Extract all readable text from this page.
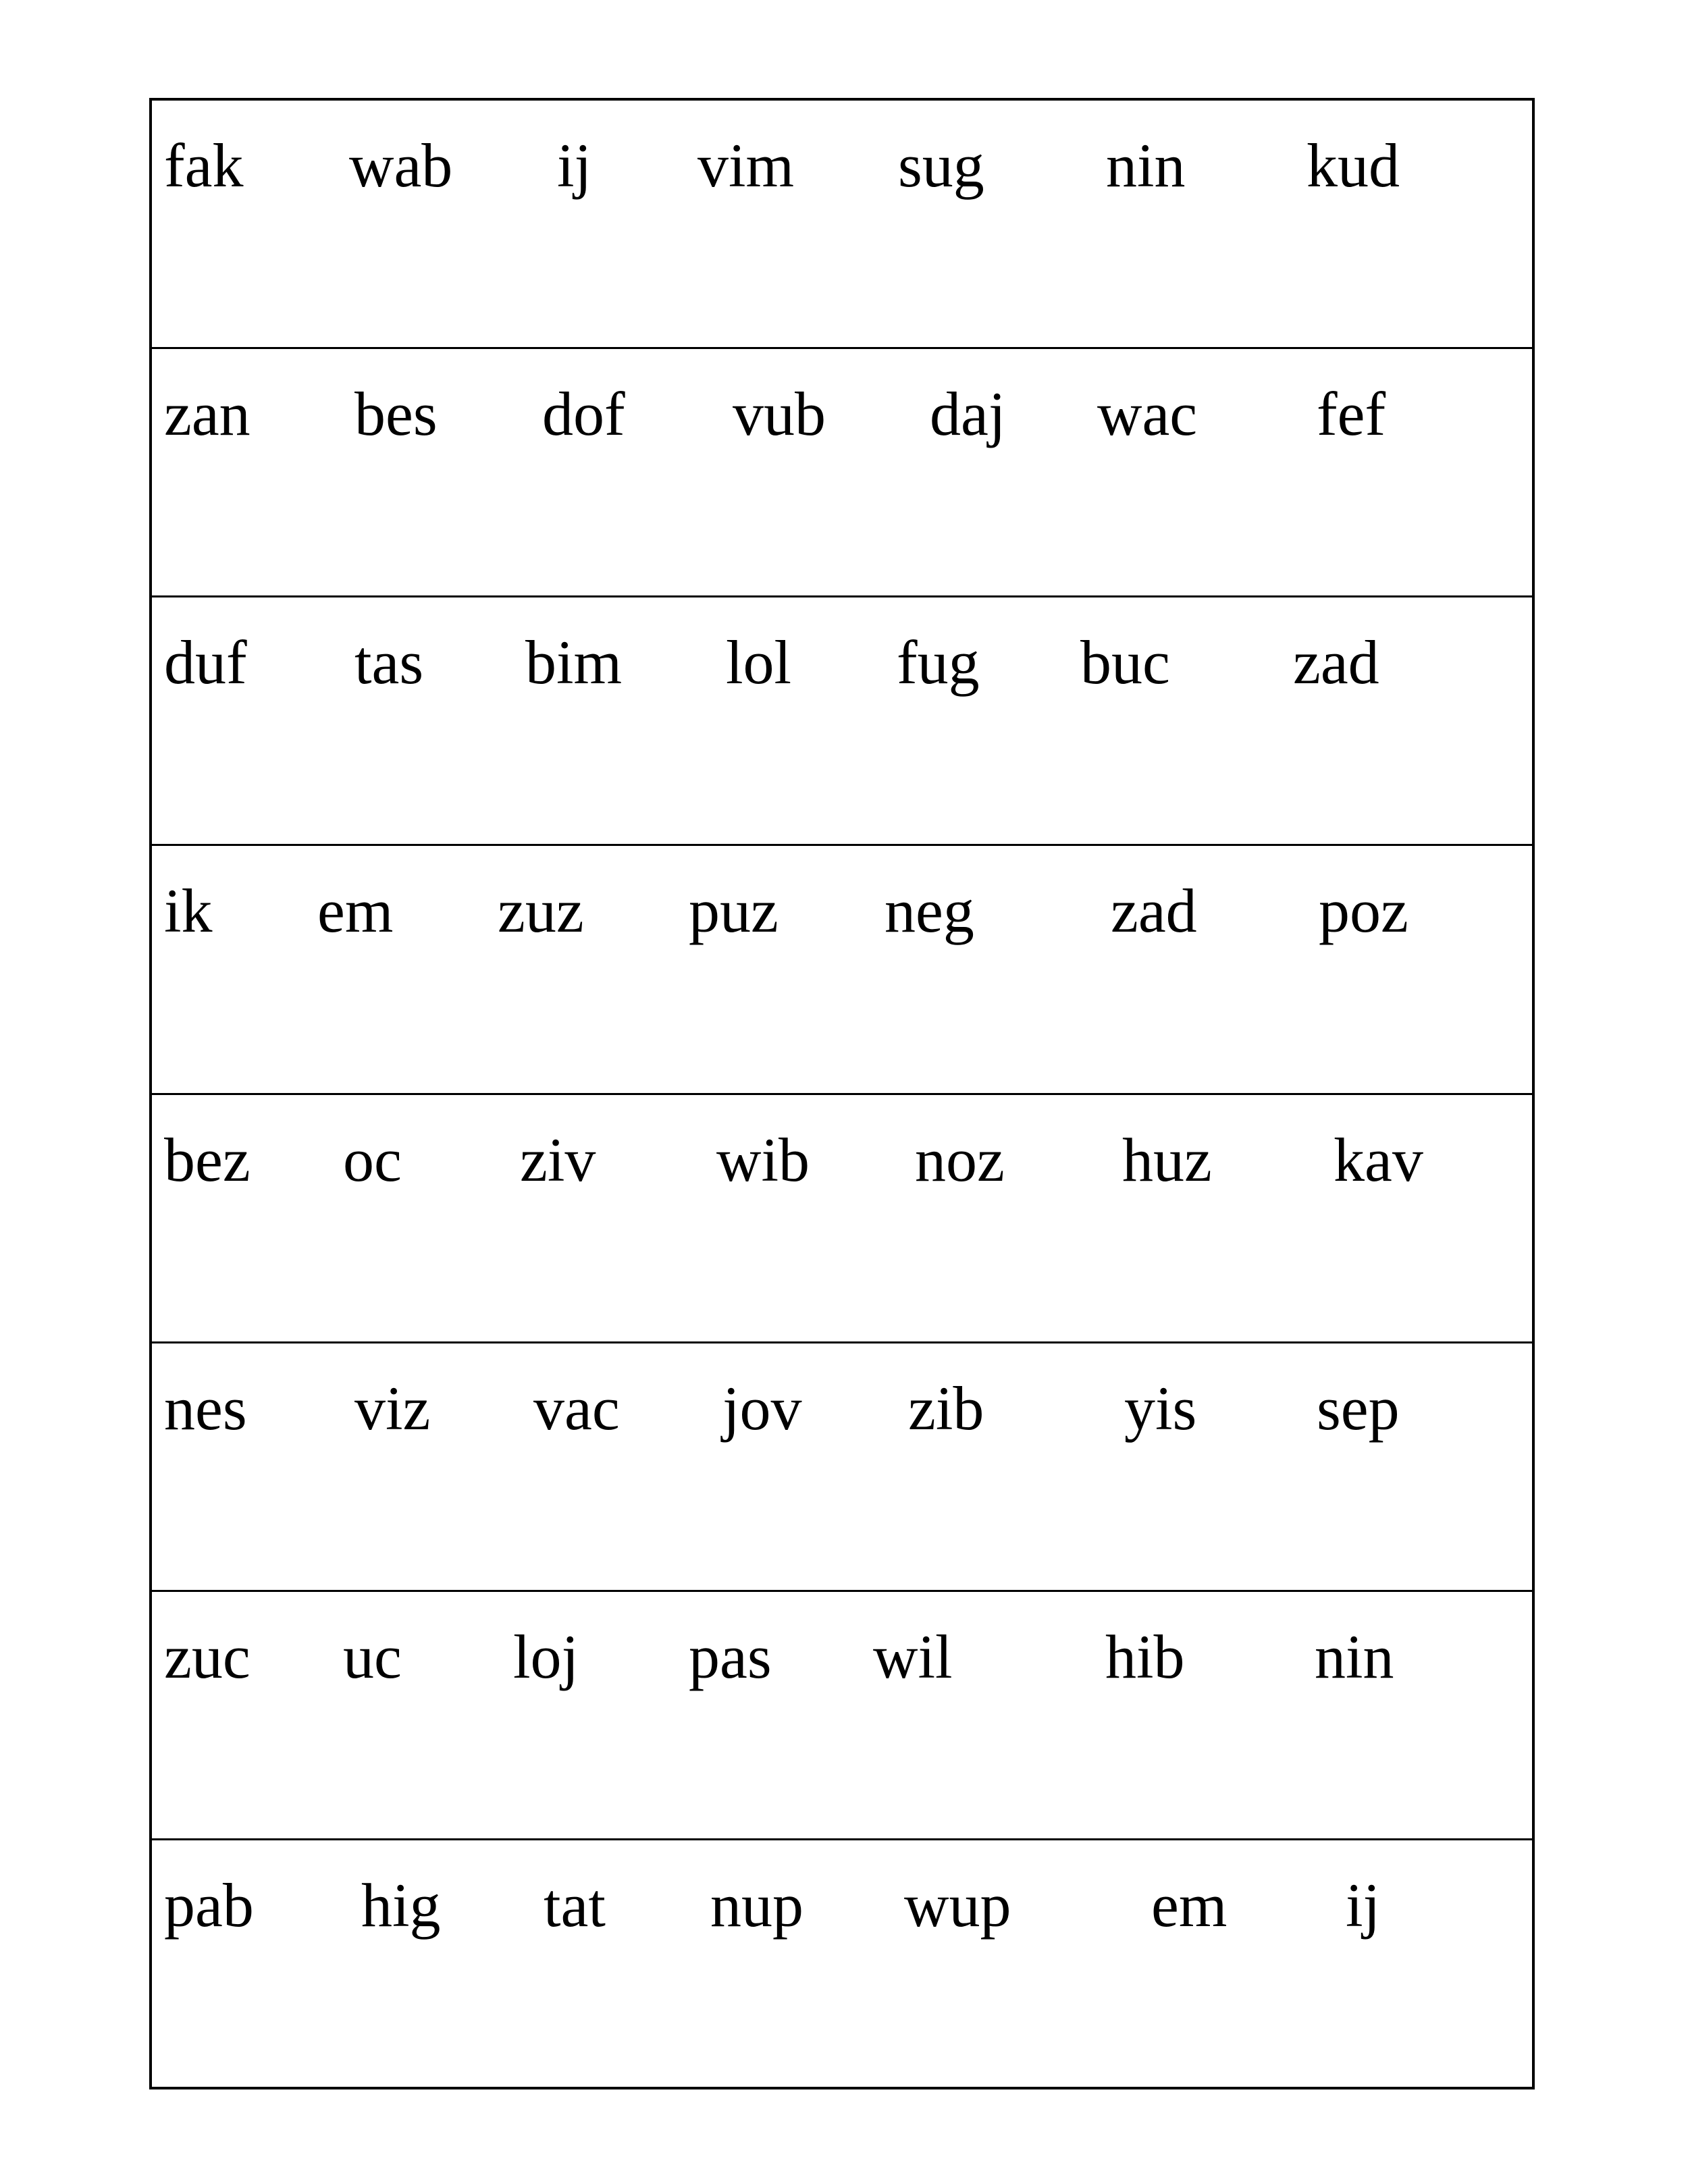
fak wab ij vim sug nin kud
zan bes dof vub daj wac fef
duf tas bim lol fug buc zad
ik em zuz puz neg zad poz
bez oc ziv wib noz huz kav
nes viz vac jov zib yis sep
zuc uc loj pas wil hib nin
pab hig tat nup wup em ij
